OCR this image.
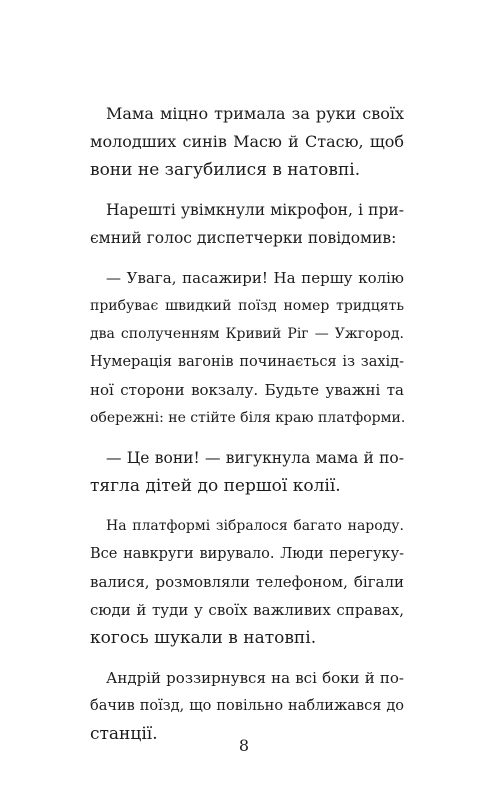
Мама міцно тримала за руки своїх
молодших синів Масю й Стасю, щоб
вони не загубилися в натовпі.
Нарешті увімкнули мікрофон, і при-
ємний голос диспетчерки повідомив:
— Увага, пасажири! На першу колію
прибуває швидкий поїзд номер тридцять
два сполученням Кривий Ріг — Ужгород.
Нумерація вагонів починається із захід-
ної сторони вокзалу. Будьте уважні та
обережні: не стійте біля краю платформи.
— Це вони! — вигукнула мама й по-
тягла дітей до першої колії.
На платформі зібралося багато народу.
Все навкруги вирувало. Люди перегуку-
валися, розмовляли телефоном, бігали
сюди й туди у своїх важливих справах,
когось шукали в натовпі.
Андрій роззирнувся на всі боки й по-
бачив поїзд, що повільно наближався до
станції.
8
